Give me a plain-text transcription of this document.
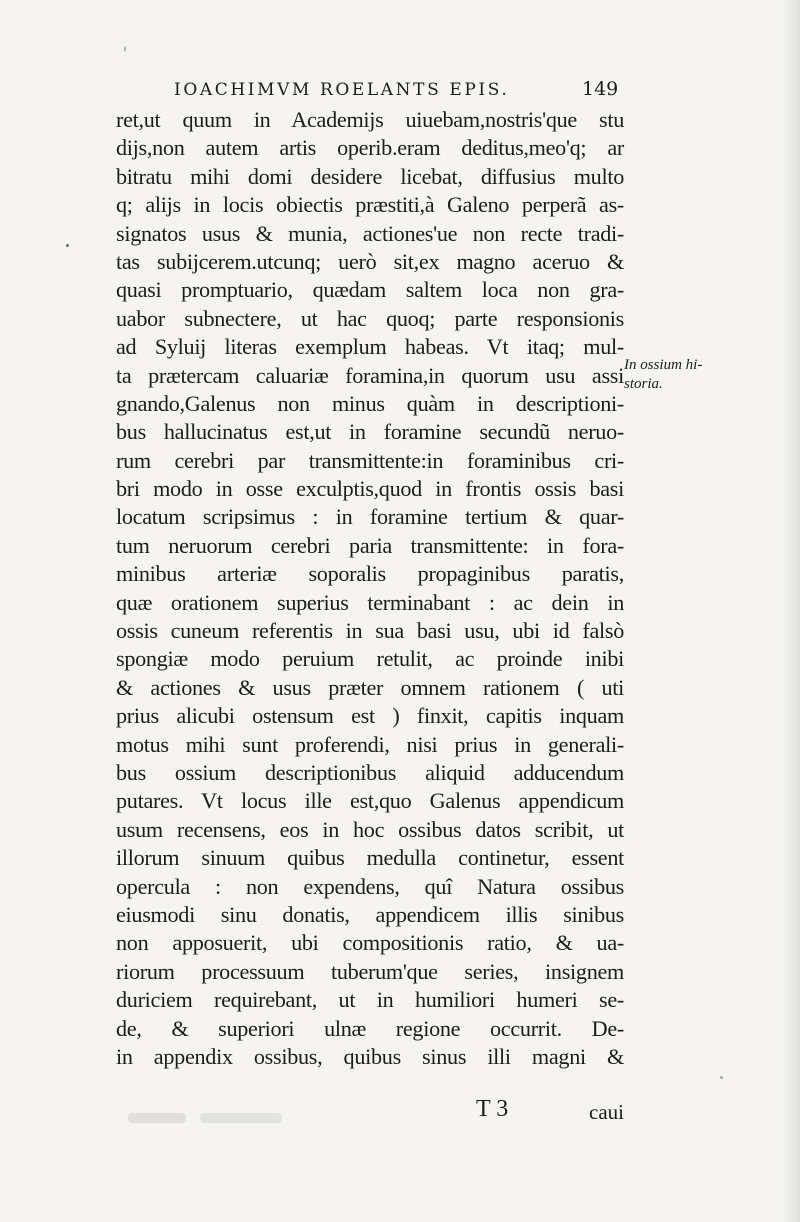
IOACHIMVM ROELANTS EPIS.	149
ret,ut quum in Academijs uiuebam,nostris'que stu
dijs,non autem artis operib.eram deditus,meo'q; ar
bitratu mihi domi desidere licebat, diffusius multo
q; alijs in locis obiectis præstiti,à Galeno perperã as-
signatos usus & munia, actiones'ue non recte tradi-
tas subijcerem.utcunq; uerò sit,ex magno aceruo &
quasi promptuario, quædam saltem loca non gra-
uabor subnectere, ut hac quoq; parte responsionis
ad Syluij literas exemplum habeas. Vt itaq; mul-
ta prætercam caluariæ foramina,in quorum usu assi
gnando,Galenus non minus quàm in descriptioni-
bus hallucinatus est,ut in foramine secundũ neruo-
rum cerebri par transmittente:in foraminibus cri-
bri modo in osse exculptis,quod in frontis ossis basi
locatum scripsimus : in foramine tertium & quar-
tum neruorum cerebri paria transmittente: in fora-
minibus arteriæ soporalis propaginibus paratis,
quæ orationem superius terminabant : ac dein in
ossis cuneum referentis in sua basi usu, ubi id falsò
spongiæ modo peruium retulit, ac proinde inibi
& actiones & usus præter omnem rationem ( uti
prius alicubi ostensum est ) finxit, capitis inquam
motus mihi sunt proferendi, nisi prius in generali-
bus ossium descriptionibus aliquid adducendum
putares. Vt locus ille est,quo Galenus appendicum
usum recensens, eos in hoc ossibus datos scribit, ut
illorum sinuum quibus medulla continetur, essent
opercula : non expendens, quî Natura ossibus
eiusmodi sinu donatis, appendicem illis sinibus
non apposuerit, ubi compositionis ratio, & ua-
riorum processuum tuberum'que series, insignem
duriciem requirebant, ut in humiliori humeri se-
de, & superiori ulnæ regione occurrit. De-
in appendix ossibus, quibus sinus illi magni &
In ossium hi-
storia.
T 3	caui
